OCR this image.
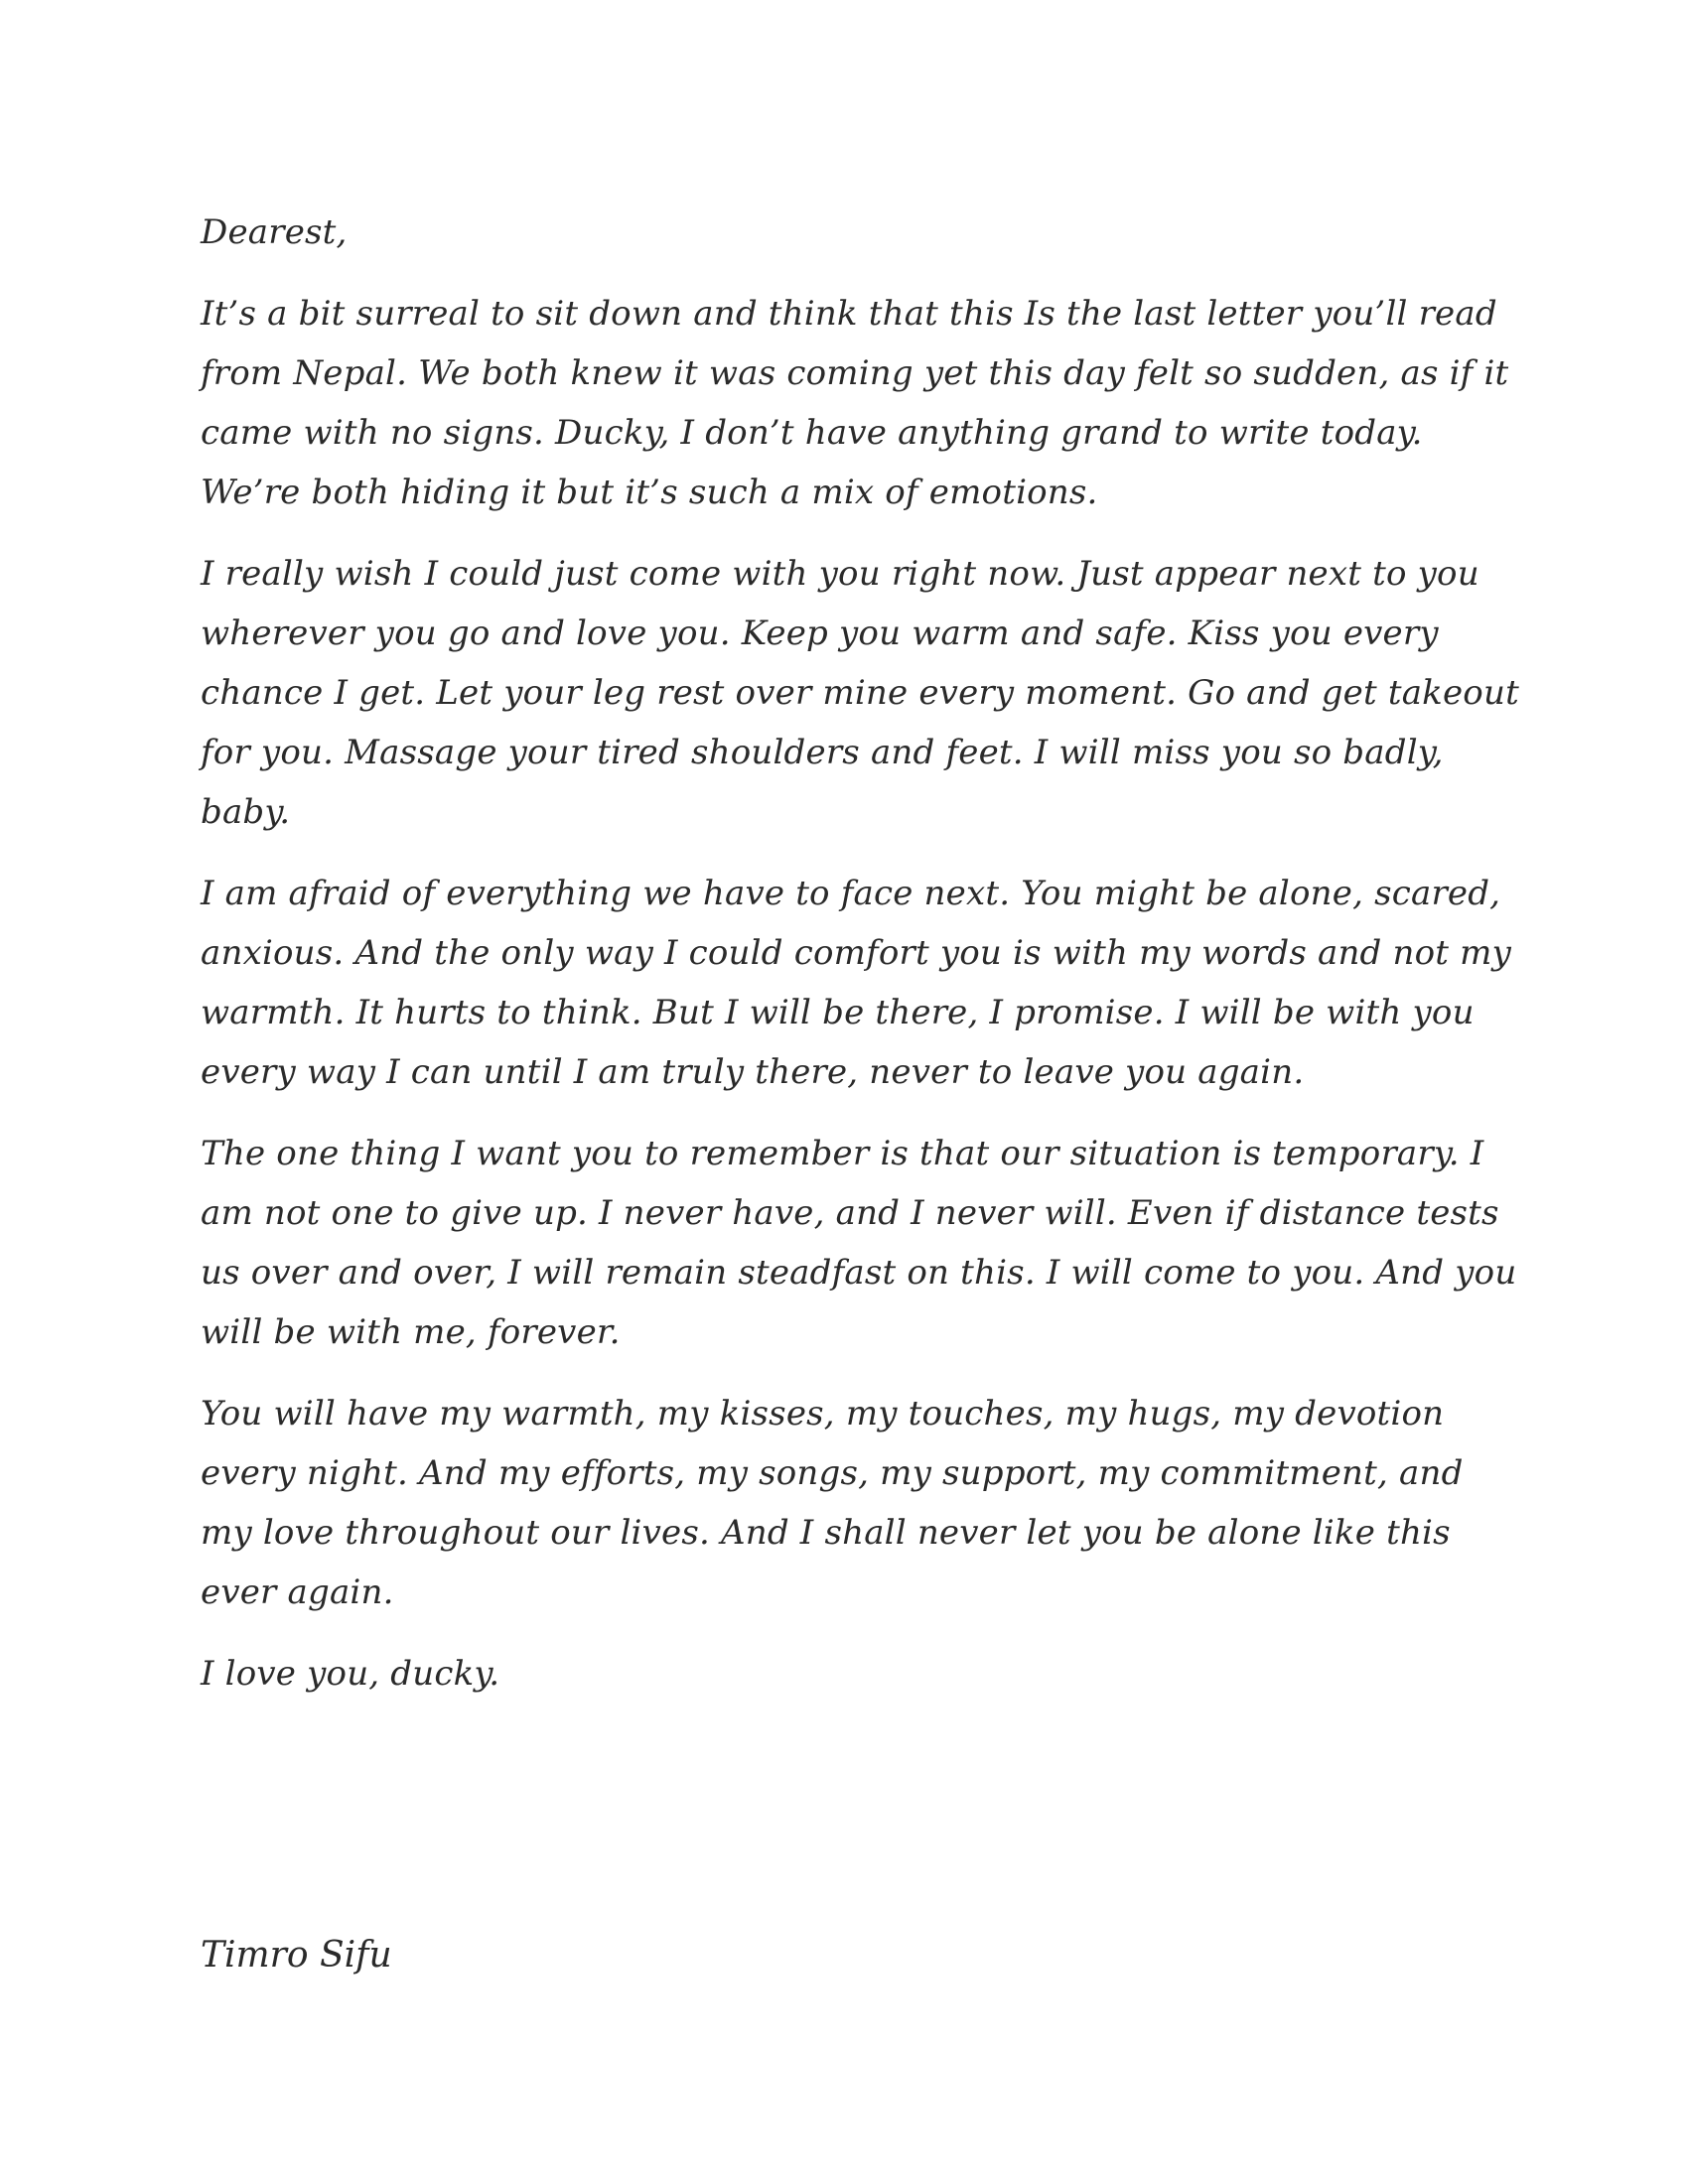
Dearest,

It’s a bit surreal to sit down and think that this Is the last letter you’ll read from Nepal. We both knew it was coming yet this day felt so sudden, as if it came with no signs. Ducky, I don’t have anything grand to write today. We’re both hiding it but it’s such a mix of emotions.

I really wish I could just come with you right now. Just appear next to you wherever you go and love you. Keep you warm and safe. Kiss you every chance I get. Let your leg rest over mine every moment. Go and get takeout for you. Massage your tired shoulders and feet. I will miss you so badly, baby.

I am afraid of everything we have to face next. You might be alone, scared, anxious. And the only way I could comfort you is with my words and not my warmth. It hurts to think. But I will be there, I promise. I will be with you every way I can until I am truly there, never to leave you again.

The one thing I want you to remember is that our situation is temporary. I am not one to give up. I never have, and I never will. Even if distance tests us over and over, I will remain steadfast on this. I will come to you. And you will be with me, forever.

You will have my warmth, my kisses, my touches, my hugs, my devotion every night. And my efforts, my songs, my support, my commitment, and my love throughout our lives. And I shall never let you be alone like this ever again.

I love you, ducky.

Timro Sifu
